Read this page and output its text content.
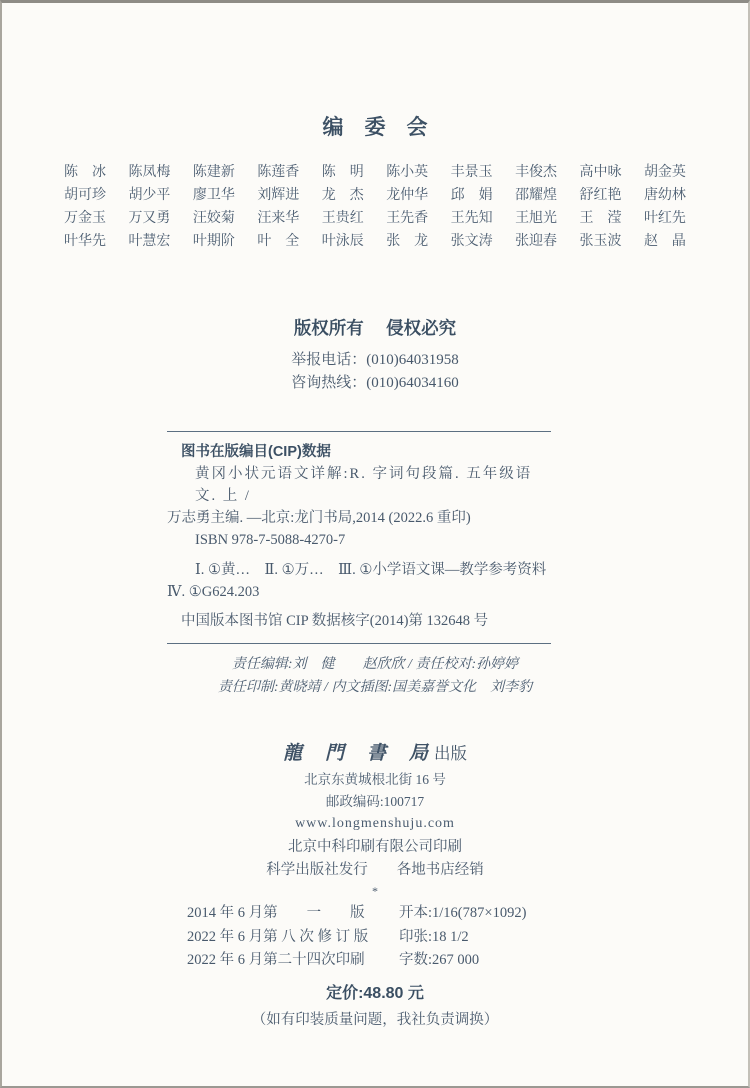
编　委　会
陈　冰 陈凤梅 陈建新 陈莲香 陈　明 陈小英 丰景玉 丰俊杰 高中咏 胡金英
胡可珍 胡少平 廖卫华 刘辉进 龙　杰 龙仲华 邱　娟 邵耀煌 舒红艳 唐幼林
万金玉 万又勇 汪姣菊 汪来华 王贵红 王先香 王先知 王旭光 王　滢 叶红先
叶华先 叶慧宏 叶期阶 叶　全 叶泳辰 张　龙 张文涛 张迎春 张玉波 赵　晶
版权所有　 侵权必究
举报电话：(010)64031958
咨询热线：(010)64034160
图书在版编目(CIP)数据
黄冈小状元语文详解:R. 字词句段篇. 五年级语文. 上 /
万志勇主编. —北京:龙门书局,2014 (2022.6 重印)
ISBN 978-7-5088-4270-7
Ⅰ. ①黄…　Ⅱ. ①万…　Ⅲ. ①小学语文课—教学参考资料
Ⅳ. ①G624.203
中国版本图书馆 CIP 数据核字(2014)第 132648 号
责任编辑:刘　健　　赵欣欣 / 责任校对:孙婷婷
责任印制:黄晓靖 / 内文插图:国美嘉誉文化　刘李豹
龍　門　書　局 出版
北京东黄城根北街 16 号
邮政编码:100717
www.longmenshuju.com
北京中科印刷有限公司印刷
科学出版社发行　　各地书店经销
*
2014 年 6 月第　　一　　版	开本:1/16(787×1092)
2022 年 6 月第 八 次 修 订 版	印张:18 1/2
2022 年 6 月第二十四次印刷	字数:267 000
定价:48.80 元
（如有印装质量问题，我社负责调换）
